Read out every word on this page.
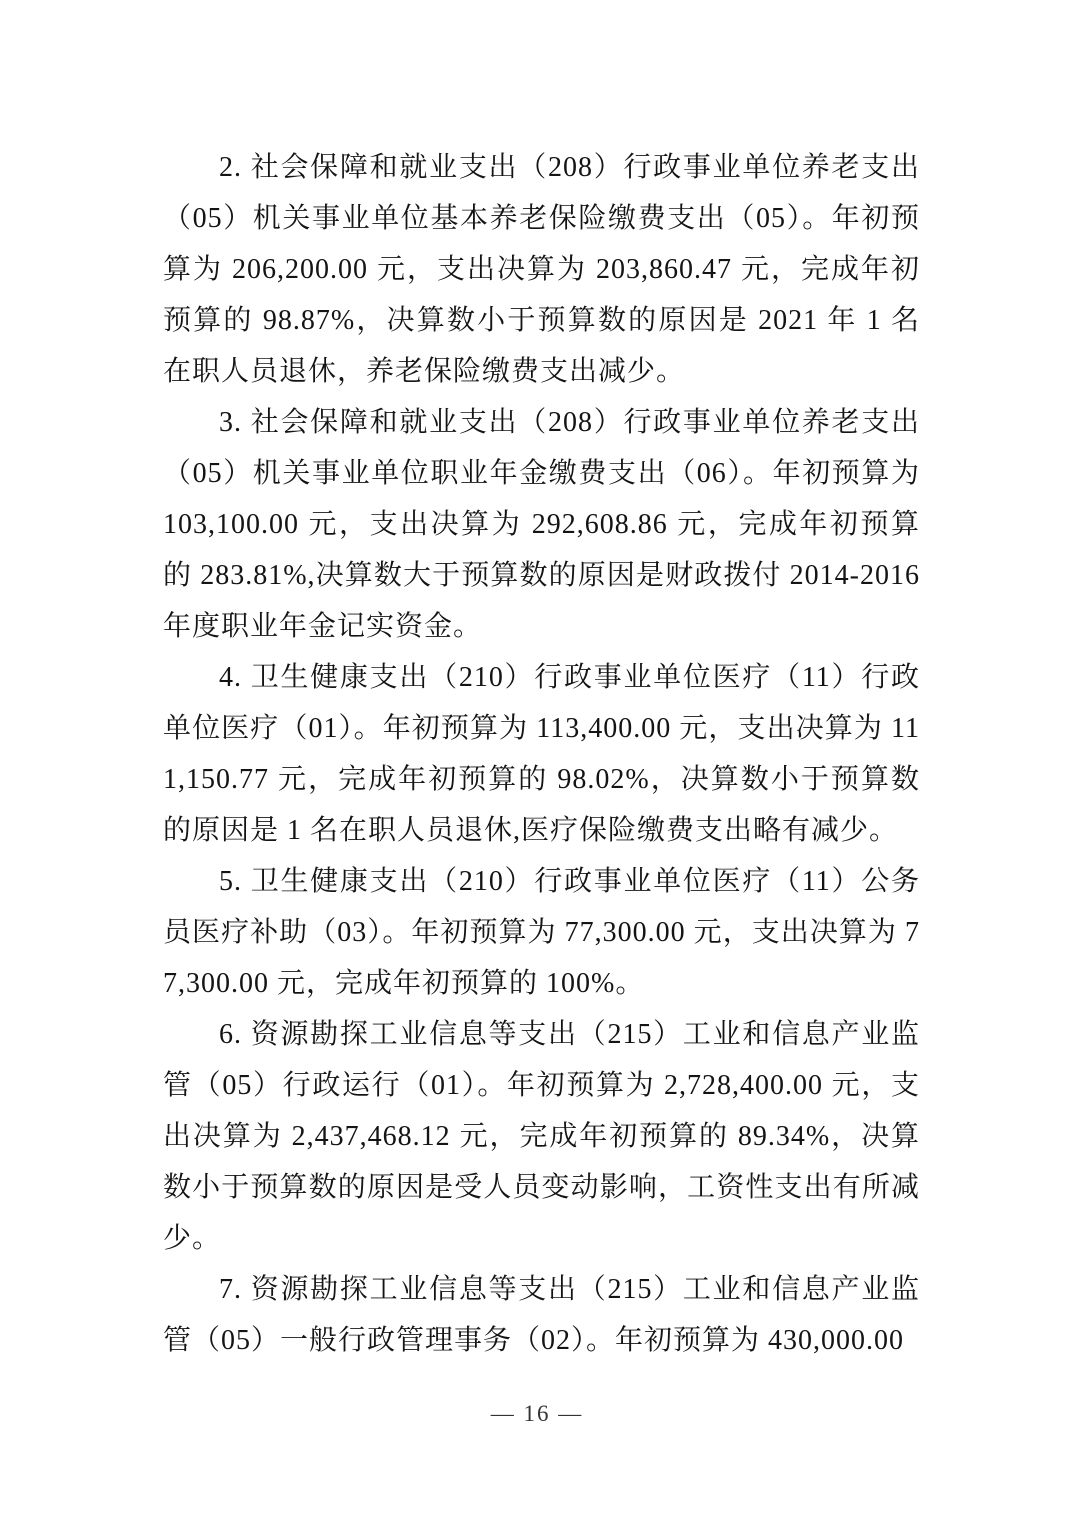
2. 社会保障和就业支出（208）行政事业单位养老支出（05）机关事业单位基本养老保险缴费支出（05）。年初预算为 206,200.00 元，支出决算为 203,860.47 元，完成年初预算的 98.87%，决算数小于预算数的原因是 2021 年 1 名在职人员退休，养老保险缴费支出减少。

3. 社会保障和就业支出（208）行政事业单位养老支出（05）机关事业单位职业年金缴费支出（06）。年初预算为 103,100.00 元，支出决算为 292,608.86 元，完成年初预算的 283.81%,决算数大于预算数的原因是财政拨付 2014-2016 年度职业年金记实资金。

4. 卫生健康支出（210）行政事业单位医疗（11）行政单位医疗（01）。年初预算为 113,400.00 元，支出决算为 111,150.77 元，完成年初预算的 98.02%，决算数小于预算数的原因是 1 名在职人员退休,医疗保险缴费支出略有减少。

5. 卫生健康支出（210）行政事业单位医疗（11）公务员医疗补助（03）。年初预算为 77,300.00 元，支出决算为 77,300.00 元，完成年初预算的 100%。

6. 资源勘探工业信息等支出（215）工业和信息产业监管（05）行政运行（01）。年初预算为 2,728,400.00 元，支出决算为 2,437,468.12 元，完成年初预算的 89.34%，决算数小于预算数的原因是受人员变动影响，工资性支出有所减少。

7. 资源勘探工业信息等支出（215）工业和信息产业监管（05）一般行政管理事务（02）。年初预算为 430,000.00

— 16 —
